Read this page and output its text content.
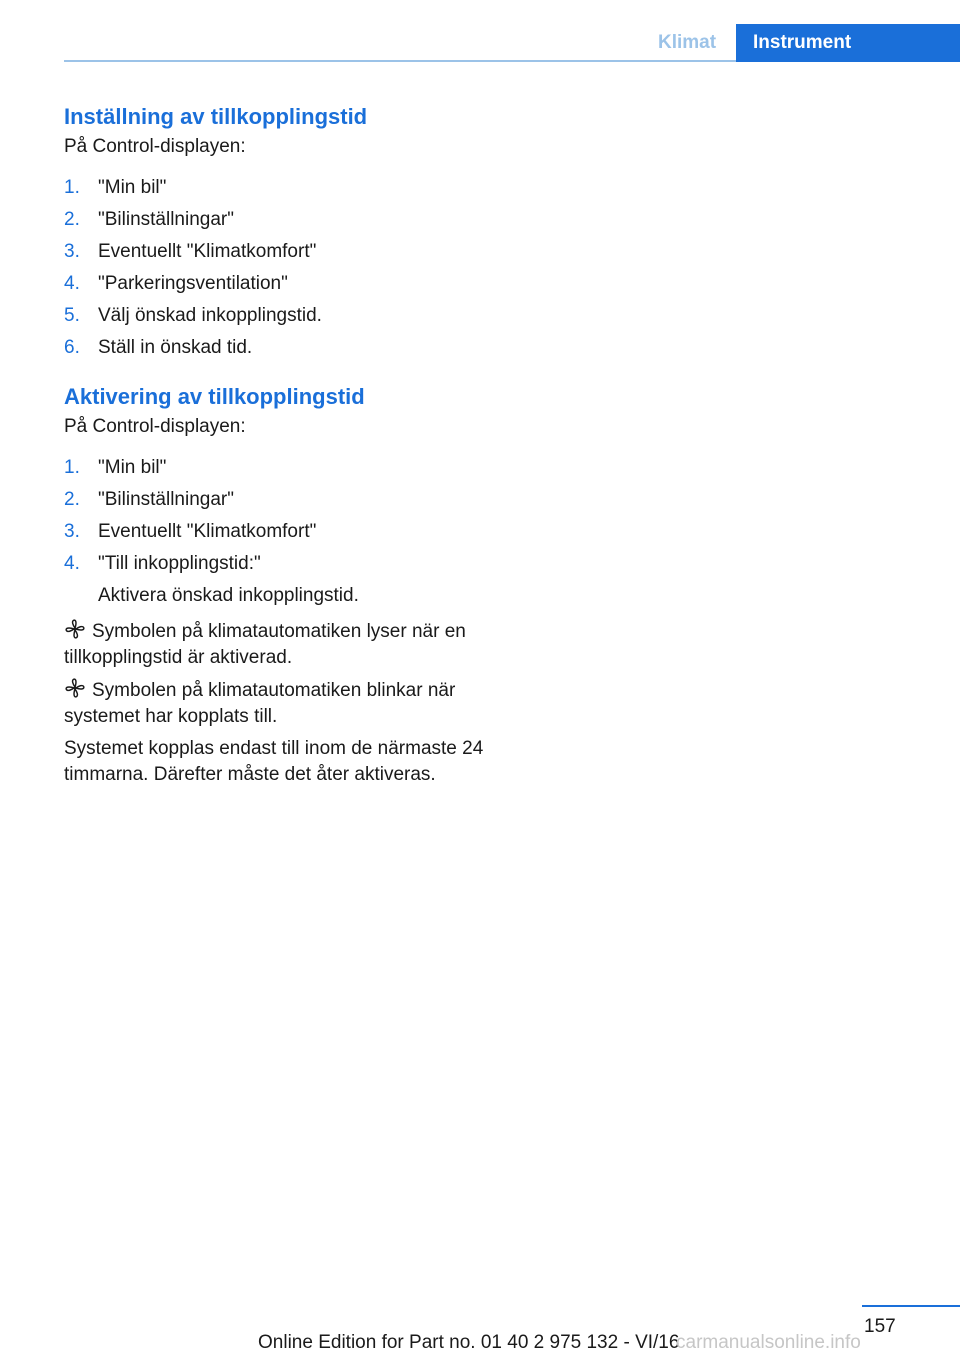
Klimat Instrument
Inställning av tillkopplingstid

På Control-displayen:

1. "Min bil"
2. "Bilinställningar"
3. Eventuellt "Klimatkomfort"
4. "Parkeringsventilation"
5. Välj önskad inkopplingstid.
6. Ställ in önskad tid.
Aktivering av tillkopplingstid

På Control-displayen:

1. "Min bil"
2. "Bilinställningar"
3. Eventuellt "Klimatkomfort"
4. "Till inkopplingstid:"
Aktivera önskad inkopplingstid.

Symbolen på klimatautomatiken lyser när en tillkopplingstid är aktiverad.

Symbolen på klimatautomatiken blinkar när systemet har kopplats till.

Systemet kopplas endast till inom de närmaste 24 timmarna. Därefter måste det åter aktiveras.

157
Online Edition for Part no. 01 40 2 975 132 - VI/16
carmanualsonline.info
